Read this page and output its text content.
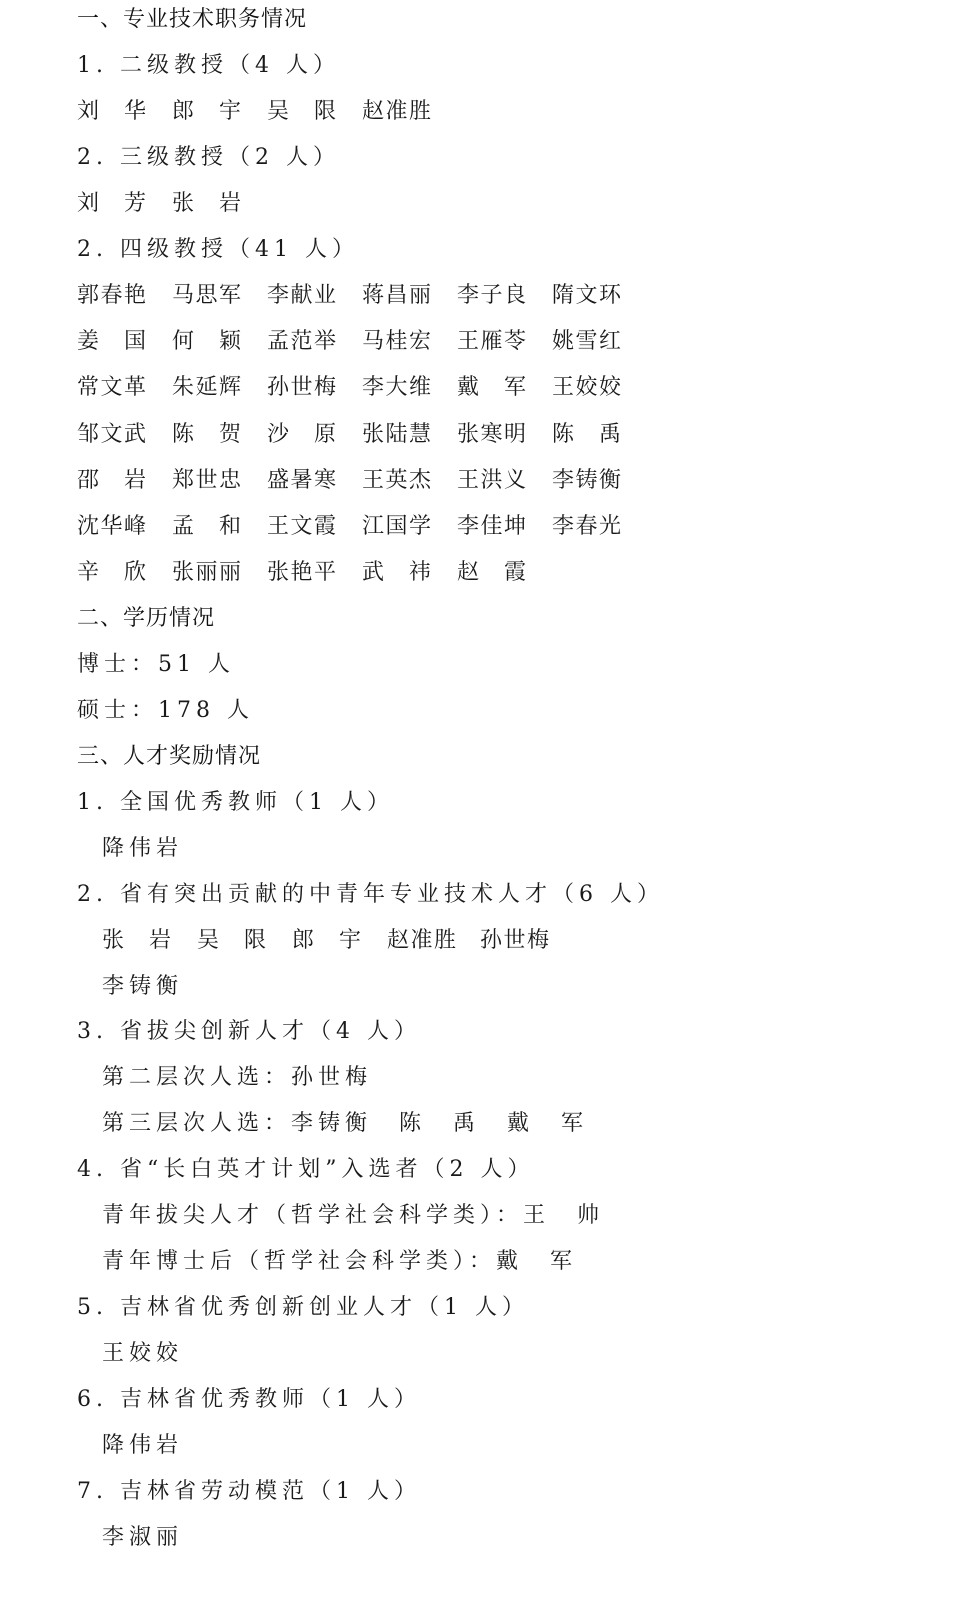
一、专业技术职务情况
1. 二级教授（4 人）
刘　 华	郎　 宇	吴　 限	赵准胜
2. 三级教授（2 人）
刘　 芳	张　 岩
2. 四级教授（41 人）
郭春艳	马思军	李献业	蒋昌丽	李子良	隋文环
姜　 国	何　 颖	孟范举	马桂宏	王雁苓	姚雪红
常文革	朱延辉	孙世梅	李大维	戴　 军	王姣姣
邹文武	陈　 贺	沙　 原	张陆慧	张寒明	陈　 禹
邵　 岩	郑世忠	盛暑寒	王英杰	王洪义	李铸衡
沈华峰	孟　 和	王文霞	江国学	李佳坤	李春光
辛　 欣	张丽丽	张艳平	武　 祎	赵　 霞
二、学历情况
博士：51 人
硕士：178 人
三、人才奖励情况
1. 全国优秀教师（1 人）
降伟岩
2. 省有突出贡献的中青年专业技术人才（6 人）
张　 岩	吴　 限	郎　 宇	赵准胜	孙世梅
李铸衡
3. 省拔尖创新人才（4 人）
第二层次人选：孙世梅
第三层次人选：李铸衡　陈　禹　戴　军
4. 省“长白英才计划”入选者（2 人）
青年拔尖人才（哲学社会科学类）：王　帅
青年博士后（哲学社会科学类）：戴　军
5. 吉林省优秀创新创业人才（1 人）
王姣姣
6. 吉林省优秀教师（1 人）
降伟岩
7. 吉林省劳动模范（1 人）
李淑丽
